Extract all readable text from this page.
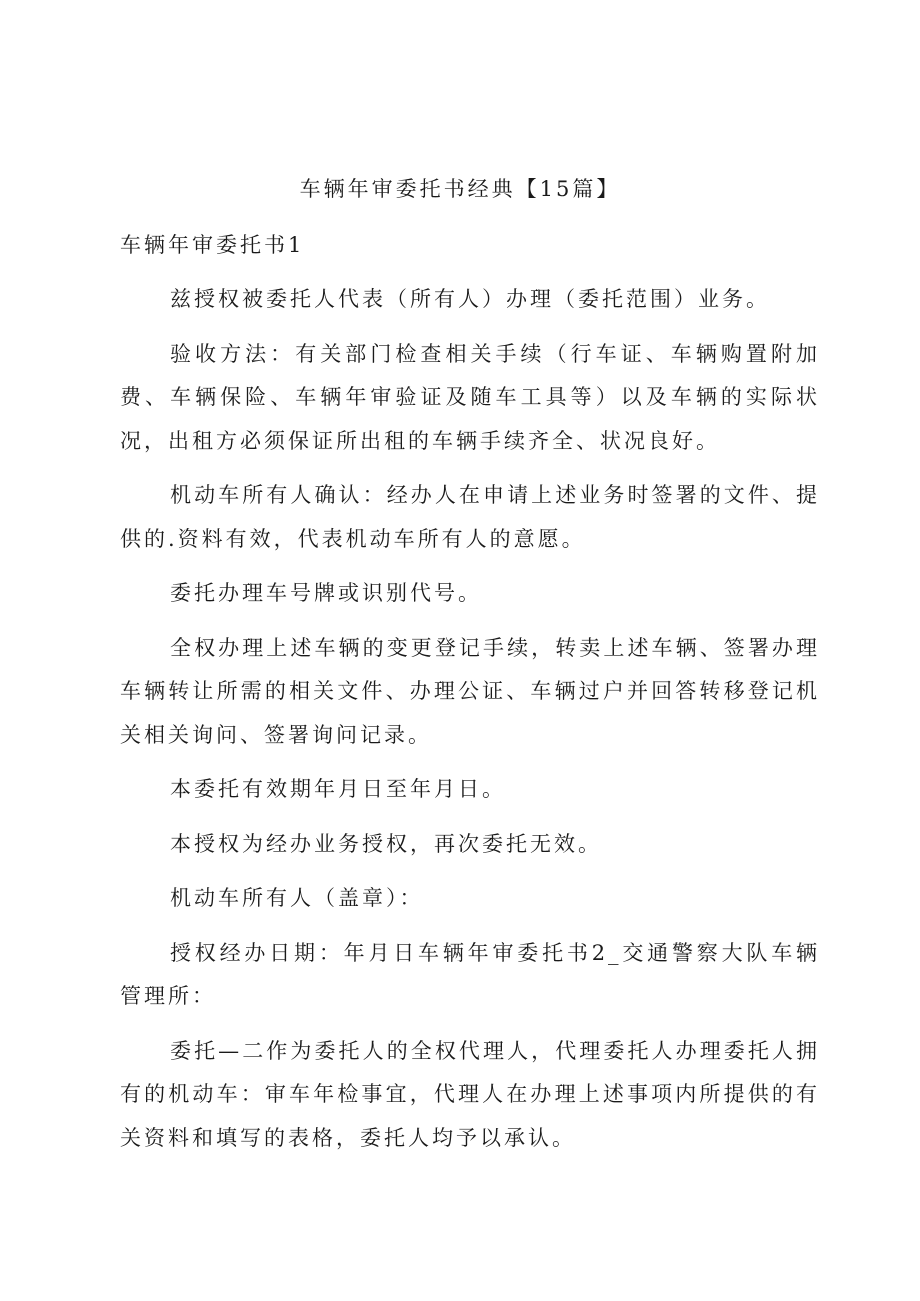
车辆年审委托书经典【15篇】
车辆年审委托书1

兹授权被委托人代表（所有人）办理（委托范围）业务。

验收方法：有关部门检查相关手续（行车证、车辆购置附加费、车辆保险、车辆年审验证及随车工具等）以及车辆的实际状况，出租方必须保证所出租的车辆手续齐全、状况良好。

机动车所有人确认：经办人在申请上述业务时签署的文件、提供的.资料有效，代表机动车所有人的意愿。

委托办理车号牌或识别代号。

全权办理上述车辆的变更登记手续，转卖上述车辆、签署办理车辆转让所需的相关文件、办理公证、车辆过户并回答转移登记机关相关询问、签署询问记录。

本委托有效期年月日至年月日。

本授权为经办业务授权，再次委托无效。

机动车所有人（盖章）：

授权经办日期：年月日车辆年审委托书2_交通警察大队车辆管理所：

委托—二作为委托人的全权代理人，代理委托人办理委托人拥有的机动车：审车年检事宜，代理人在办理上述事项内所提供的有关资料和填写的表格，委托人均予以承认。
